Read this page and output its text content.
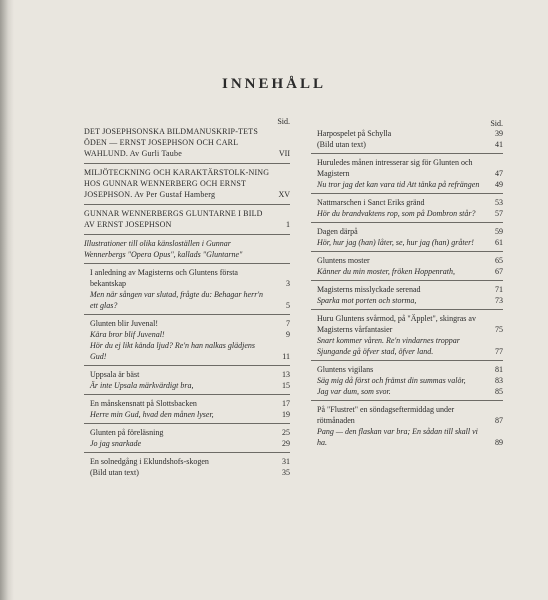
INNEHÅLL
Sid.
DET JOSEPHSONSKA BILDMANUSKRIP-TETS ÖDEN — ERNST JOSEPHSON OCH CARL WAHLUND. Av Gurli Taube	VII
MILJÖTECKNING OCH KARAKTÄRSTOLK-NING HOS GUNNAR WENNERBERG OCH ERNST JOSEPHSON. Av Per Gustaf Hamberg	XV
GUNNAR WENNERBERGS GLUNTARNE I BILD AV ERNST JOSEPHSON	1
Illustrationer till olika känsloställen i Gunnar Wennerbergs "Opera Opus", kallads "Gluntarne"
I anledning av Magisterns och Gluntens första bekantskap	3
Men när sången var slutad, frågte du: Behagar herr'n ett glas?	5
Glunten blir Juvenal!	7
Kära bror blif Juvenal!	9
Hör du ej likt kända ljud? Re'n han nalkas glädjens Gud!	11
Uppsala är bäst	13
Är inte Upsala märkvärdigt bra,	15
En månskensnatt på Slottsbacken	17
Herre min Gud, hvad den månen lyser,	19
Glunten på föreläsning	25
Jo jag snarkade	29
En solnedgång i Eklundshofs-skogen	31
(Bild utan text)	35
Sid.
Harpospelet på Schylla	39
(Bild utan text)	41
Huruledes månen intresserar sig för Glunten och Magistern	47
Nu tror jag det kan vara tid Att tänka på refrängen	49
Nattmarschen i Sanct Eriks gränd	53
Hör du brandvaktens rop, som på Dombron står?	57
Dagen därpå	59
Hör, hur jag (han) låter, se, hur jag (han) gråter!	61
Gluntens moster	65
Känner du min moster, fröken Hoppenrath,	67
Magisterns misslyckade serenad	71
Sparka mot porten och storma,	73
Huru Gluntens svårmod, på "Äpplet", skingras av Magisterns vårfantasier	75
Snart kommer våren. Re'n vindarnes troppar Sjungande gå öfver stad, öfver land.	77
Gluntens vigilans	81
Säg mig då först och främst din summas valör,	83
Jag var dum, som svor.	85
På "Flustret" en söndagseftermiddag under rötmånaden	87
Pang — den flaskan var bra; En sådan till skall vi ha.	89
